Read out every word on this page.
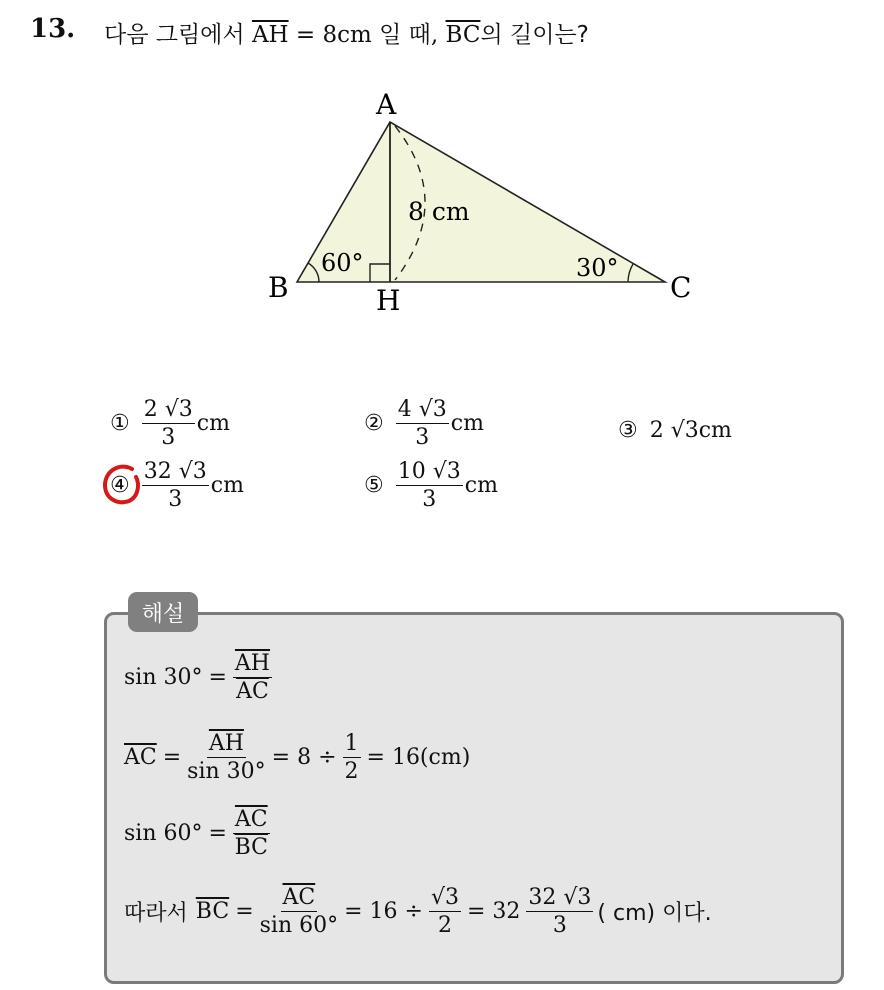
13. 다음 그림에서 $\overline{AH} = 8cm$ 일 때, $\overline{BC}$의 길이는?
A
B	C
H
8 cm
60°	30°
① $\frac{2 √3}{3}$ cm	② $\frac{4 √3}{3}$ cm	③ 2 √3cm
④ $\frac{32 √3}{3}$ cm	⑤ $\frac{10 √3}{3}$ cm
해설
$\sin 30^\circ = \frac{\overline{AH}}{AC}$
$\overline{AC} = \frac{\overline{AH}}{\sin 30^\circ} = 8 \div \frac{1}{2} = 16(cm)$
$\sin 60^\circ = \frac{\overline{AC}}{BC}$
따라서 $\overline{BC} = \frac{\overline{AC}}{\sin 60^\circ} = 16 \div \frac{√3}{2} = 32 \frac{32 √3}{3}$ ( cm) 이다.
